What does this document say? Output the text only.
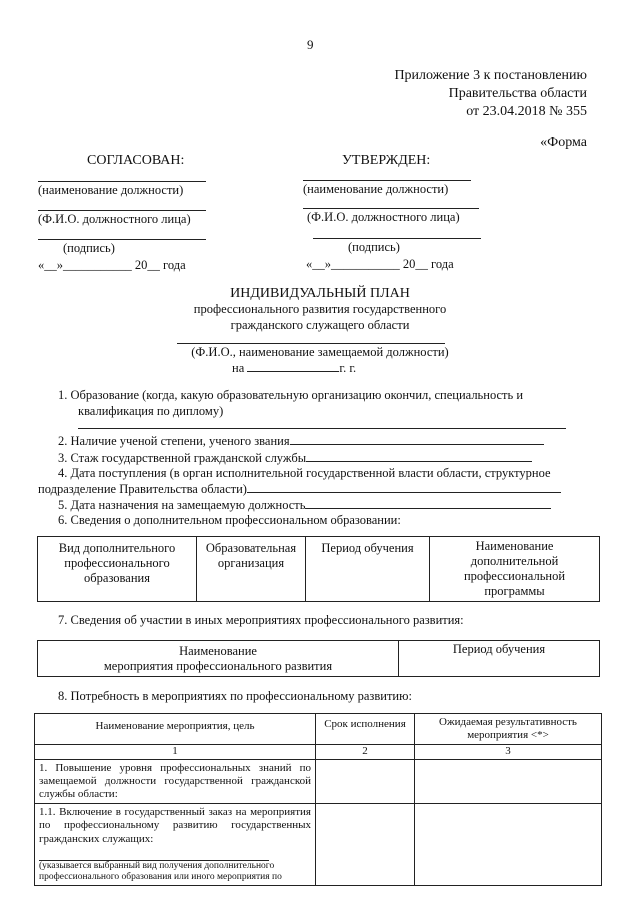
9
Приложение 3 к постановлению
Правительства области
от 23.04.2018 № 355
«Форма
СОГЛАСОВАН:
(наименование должности)
(Ф.И.О. должностного лица)
(подпись)
«__»___________ 20__ года
УТВЕРЖДЕН:
(наименование должности)
(Ф.И.О. должностного лица)
(подпись)
«__»___________ 20__ года
ИНДИВИДУАЛЬНЫЙ ПЛАН
профессионального развития государственного
гражданского служащего области
(Ф.И.О., наименование замещаемой должности)
на	г. г.
1. Образование (когда, какую образовательную организацию окончил, специальность и
квалификация по диплому)
2. Наличие ученой степени, ученого звания
3. Стаж государственной гражданской службы
4. Дата поступления (в орган исполнительной государственной власти области, структурное
подразделение Правительства области)
5. Дата назначения на замещаемую должность
6. Сведения о дополнительном профессиональном образовании:
Вид дополнительного профессионального образования	Образовательная организация	Период обучения	Наименование дополнительной профессиональной программы
7. Сведения об участии в иных мероприятиях профессионального развития:
Наименование
мероприятия профессионального развития
	Период обучения
8. Потребность в мероприятиях по профессиональному развитию:
Наименование мероприятия, цель	Срок исполнения	Ожидаемая результативность мероприятия <*>
1	2	3
1. Повышение уровня профессиональных знаний по замещаемой должности государственной гражданской службы области:		

1.1. Включение в государственный заказ на мероприятия по профессиональному развитию государственных гражданских служащих:
(указывается выбранный вид получения дополнительного
профессионального образования или иного мероприятия по		
